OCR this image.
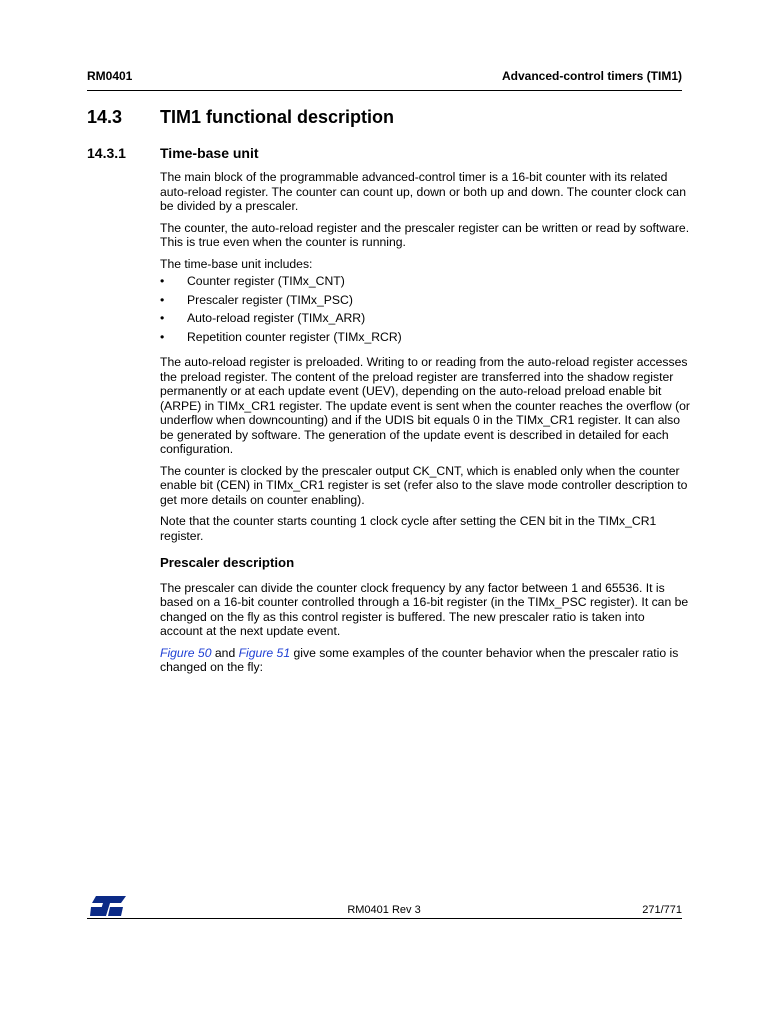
RM0401	Advanced-control timers (TIM1)
14.3 TIM1 functional description
14.3.1 Time-base unit

The main block of the programmable advanced-control timer is a 16-bit counter with its related auto-reload register. The counter can count up, down or both up and down. The counter clock can be divided by a prescaler.

The counter, the auto-reload register and the prescaler register can be written or read by software. This is true even when the counter is running.

The time-base unit includes:

•	Counter register (TIMx_CNT)
•	Prescaler register (TIMx_PSC)
•	Auto-reload register (TIMx_ARR)
•	Repetition counter register (TIMx_RCR)

The auto-reload register is preloaded. Writing to or reading from the auto-reload register accesses the preload register. The content of the preload register are transferred into the shadow register permanently or at each update event (UEV), depending on the auto-reload preload enable bit (ARPE) in TIMx_CR1 register. The update event is sent when the counter reaches the overflow (or underflow when downcounting) and if the UDIS bit equals 0 in the TIMx_CR1 register. It can also be generated by software. The generation of the update event is described in detailed for each configuration.

The counter is clocked by the prescaler output CK_CNT, which is enabled only when the counter enable bit (CEN) in TIMx_CR1 register is set (refer also to the slave mode controller description to get more details on counter enabling).

Note that the counter starts counting 1 clock cycle after setting the CEN bit in the TIMx_CR1 register.

Prescaler description

The prescaler can divide the counter clock frequency by any factor between 1 and 65536. It is based on a 16-bit counter controlled through a 16-bit register (in the TIMx_PSC register). It can be changed on the fly as this control register is buffered. The new prescaler ratio is taken into account at the next update event.

Figure 50 and Figure 51 give some examples of the counter behavior when the prescaler ratio is changed on the fly:

RM0401 Rev 3	271/771
